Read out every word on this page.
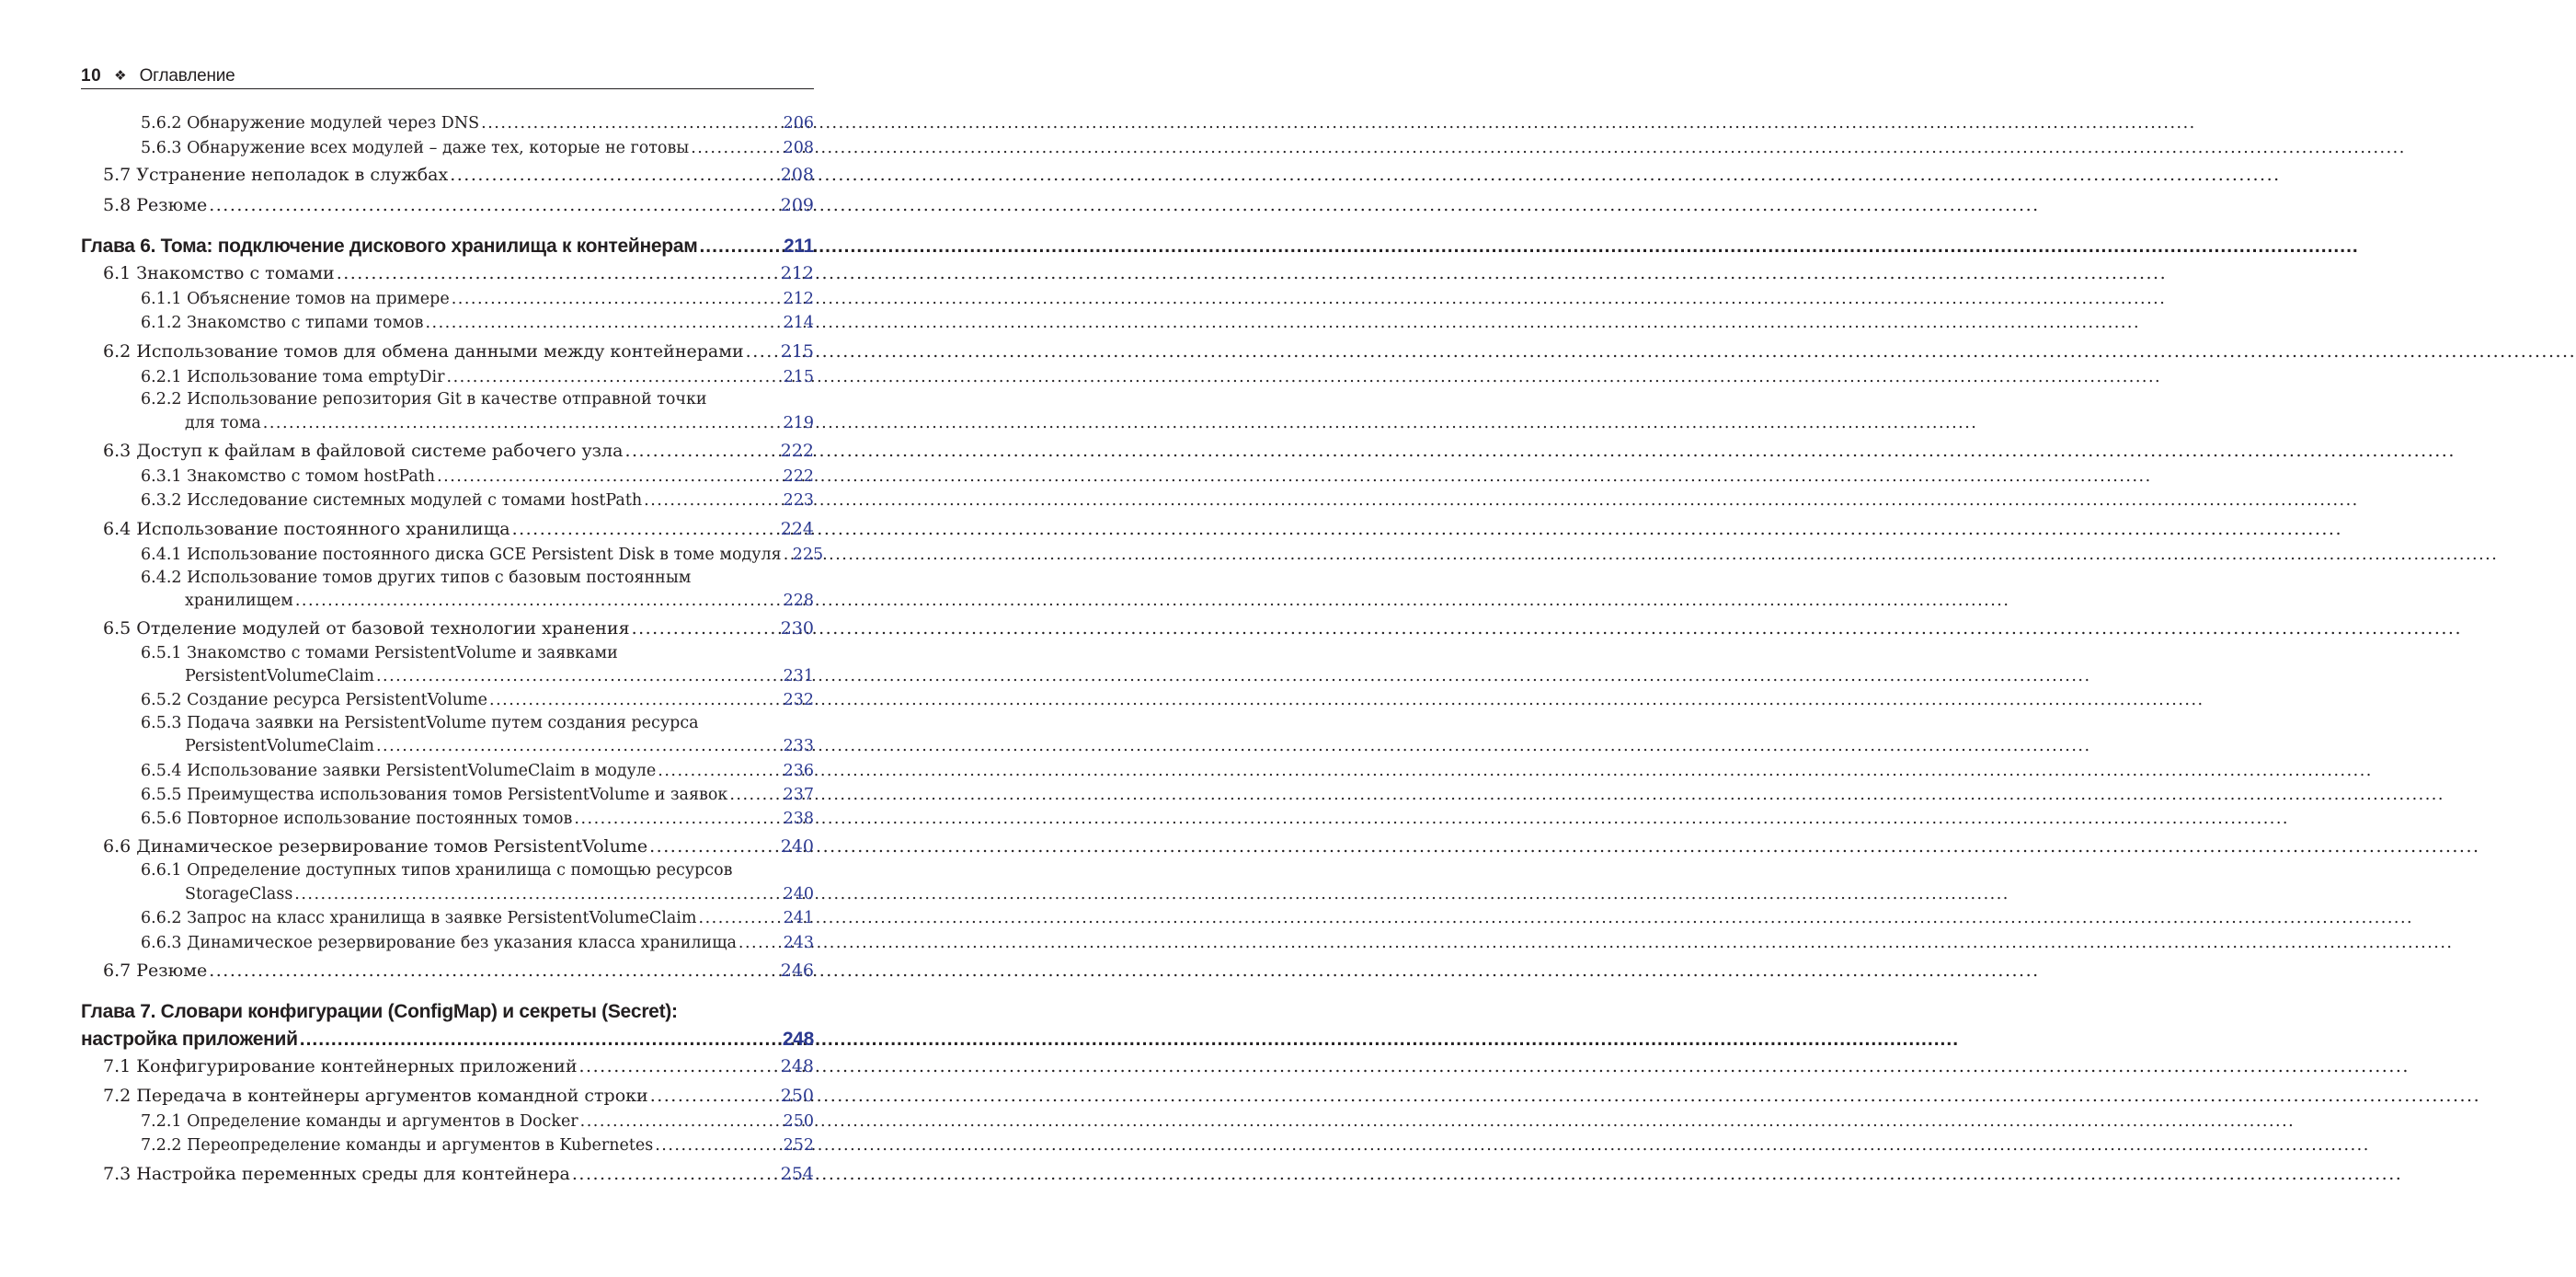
10 ❖ Оглавление
5.6.2 Обнаружение модулей через DNS .....	206
5.6.3 Обнаружение всех модулей – даже тех, которые не готовы .....	208
5.7 Устранение неполадок в службах .....	208
5.8 Резюме .....	209
Глава 6. Тома: подключение дискового хранилища к контейнерам .....	211
6.1 Знакомство с томами .....	212
6.1.1 Объяснение томов на примере .....	212
6.1.2 Знакомство с типами томов .....	214
6.2 Использование томов для обмена данными между контейнерами ..... 215
6.2.1 Использование тома emptyDir .....	215
6.2.2 Использование репозитория Git в качестве отправной точки
для тома .....	219
6.3 Доступ к файлам в файловой системе рабочего узла .....	222
6.3.1 Знакомство с томом hostPath .....	222
6.3.2 Исследование системных модулей с томами hostPath .....	223
6.4 Использование постоянного хранилища .....	224
6.4.1 Использование постоянного диска GCE Persistent Disk в томе модуля ..... 225
6.4.2 Использование томов других типов с базовым постоянным
хранилищем .....	228
6.5 Отделение модулей от базовой технологии хранения .....	230
6.5.1 Знакомство с томами PersistentVolume и заявками
PersistentVolumeClaim .....	231
6.5.2 Создание ресурса PersistentVolume .....	232
6.5.3 Подача заявки на PersistentVolume путем создания ресурса
PersistentVolumeClaim .....	233
6.5.4 Использование заявки PersistentVolumeClaim в модуле .....	236
6.5.5 Преимущества использования томов PersistentVolume и заявок .....	237
6.5.6 Повторное использование постоянных томов .....	238
6.6 Динамическое резервирование томов PersistentVolume .....	240
6.6.1 Определение доступных типов хранилища с помощью ресурсов
StorageClass .....	240
6.6.2 Запрос на класс хранилища в заявке PersistentVolumeClaim .....	241
6.6.3 Динамическое резервирование без указания класса хранилища .....	243
6.7 Резюме .....	246
Глава 7. Словари конфигурации (ConfigMap) и секреты (Secret):
настройка приложений .....	248
7.1 Конфигурирование контейнерных приложений .....	248
7.2 Передача в контейнеры аргументов командной строки .....	250
7.2.1 Определение команды и аргументов в Docker .....	250
7.2.2 Переопределение команды и аргументов в Kubernetes .....	252
7.3 Настройка переменных среды для контейнера .....	254
